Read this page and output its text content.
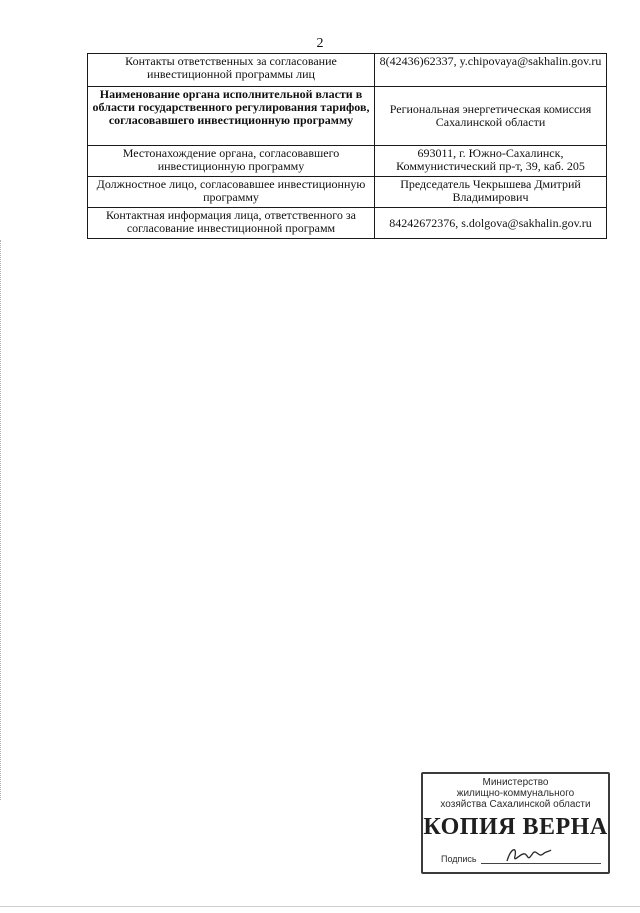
2
Контакты ответственных за согласование инвестиционной программы лиц	8(42436)62337, y.chipovaya@sakhalin.gov.ru
Наименование органа исполнительной власти в области государственного регулирования тарифов, согласовавшего инвестиционную программу	Региональная энергетическая комиссия Сахалинской области
Местонахождение органа, согласовавшего инвестиционную программу	693011, г. Южно-Сахалинск, Коммунистический пр-т, 39, каб. 205
Должностное лицо, согласовавшее инвестиционную программу	Председатель Чекрышева Дмитрий Владимирович
Контактная информация лица, ответственного за согласование инвестиционной программ	84242672376, s.dolgova@sakhalin.gov.ru
Министерство
жилищно-коммунального
хозяйства Сахалинской области
КОПИЯ ВЕРНА
Подпись
